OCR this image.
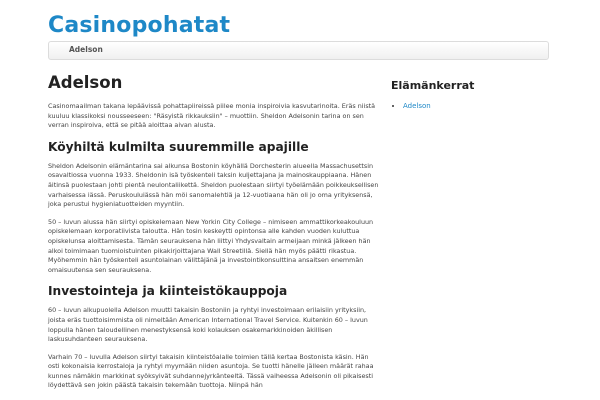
Casinopohatat
Adelson
Adelson

Casinomaailman takana lepäävissä pohattapiireissä piilee monia inspiroivia kasvutarinoita. Eräs niistä kuuluu klassikoksi nousseeseen: "Räsyistä rikkauksiin" – muottiin. Sheldon Adelsonin tarina on sen verran inspiroiva, että se pitää aloittaa aivan alusta.

Köyhiltä kulmilta suuremmille apajille

Sheldon Adelsonin elämäntarina sai alkunsa Bostonin köyhällä Dorchesterin alueella Massachusettsin osavaltiossa vuonna 1933. Sheldonin isä työskenteli taksin kuljettajana ja mainoskauppiaana. Hänen äitinsä puolestaan johti pientä neulontaliikettä. Sheldon puolestaan siirtyi työelämään poikkeuksellisen varhaisessa iässä. Peruskouluiässä hän möi sanomalehtiä ja 12-vuotiaana hän oli jo oma yrityksensä, joka perustui hygieniatuotteiden myyntiin.

50 – luvun alussa hän siirtyi opiskelemaan New Yorkin City College – nimiseen ammattikorkeakouluun opiskelemaan korporatiivista taloutta. Hän tosin keskeytti opintonsa alle kahden vuoden kuluttua opiskelunsa aloittamisesta. Tämän seurauksena hän liittyi Yhdysvaltain armeijaan minkä jälkeen hän alkoi toimimaan tuomioistuinten pikakirjoittajana Wall Streetillä. Siellä hän myös päätti rikastua. Myöhemmin hän työskenteli asuntolainan välittäjänä ja investointikonsulttina ansaitsen enemmän omaisuutensa sen seurauksena.

Investointeja ja kiinteistökauppoja

60 – luvun alkupuolella Adelson muutti takaisin Bostoniin ja ryhtyi investoimaan erilaisiin yrityksiin, joista eräs tuottoisimmista oli nimeltään American International Travel Service. Kuitenkin 60 – luvun loppulla hänen taloudellinen menestyksensä koki kolauksen osakemarkkinoiden äkillisen laskusuhdanteen seurauksena.

Varhain 70 – luvulla Adelson siirtyi takaisin kiinteistöalalle toimien tällä kertaa Bostonista käsin. Hän osti kokonaisia kerrostaloja ja ryhtyi myymään niiden asuntoja. Se tuotti hänelle jälleen määrät rahaa kunnes nämäkin markkinat syöksyivät suhdannejyrkänteeltä. Tässä vaiheessa Adelsonin oli pikaisesti löydettävä sen jokin päästä takaisin tekemään tuottoja. Niinpä hän

Elämänkerrat
• Adelson
